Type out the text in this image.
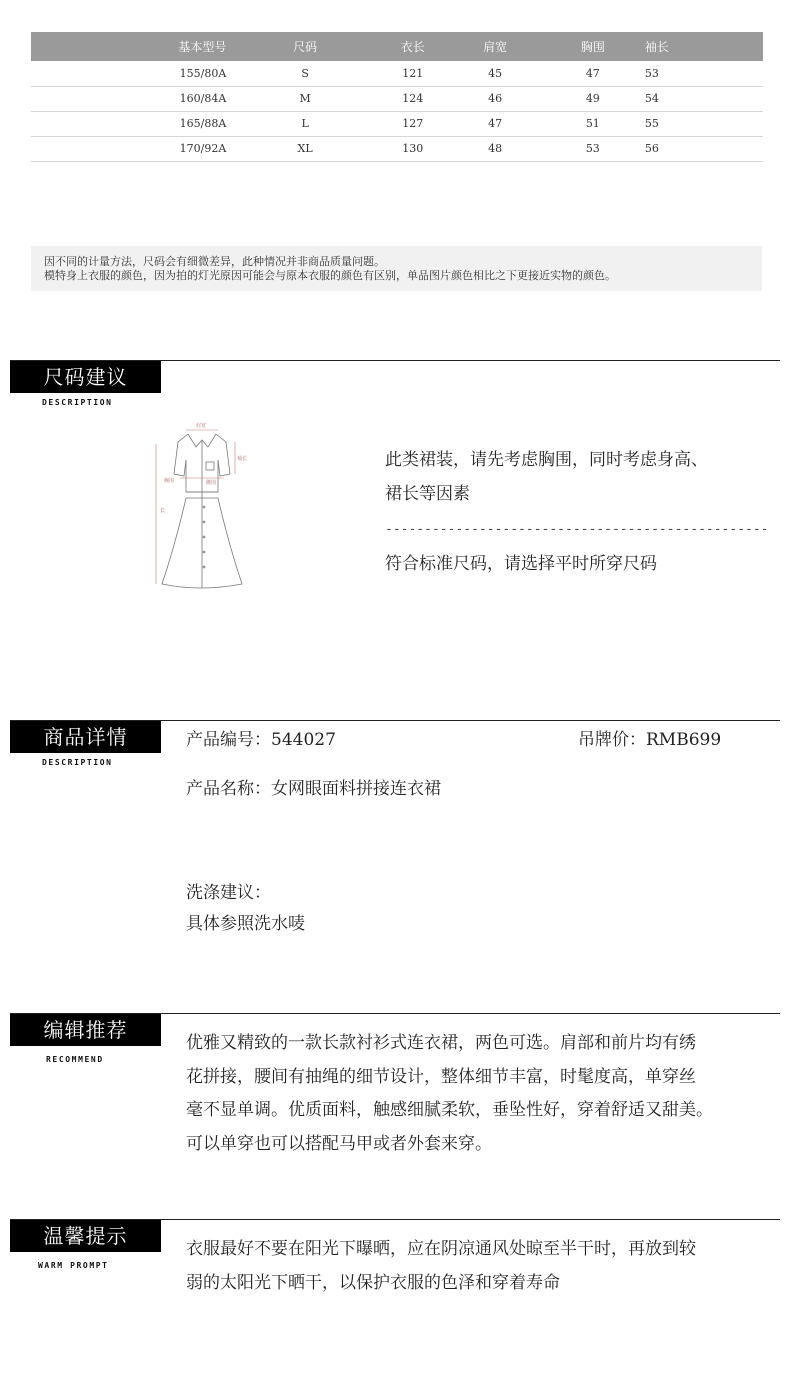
基本型号	尺码	衣长	肩宽	胸围	袖长
155/80A	S	121	45	47	53
160/84A	M	124	46	49	54
165/88A	L	127	47	51	55
170/92A	XL	130	48	53	56
因不同的计量方法，尺码会有细微差异，此种情况并非商品质量问题。
模特身上衣服的颜色，因为拍的灯光原因可能会与原本衣服的颜色有区别，单品图片颜色相比之下更接近实物的颜色。
尺码建议
DESCRIPTION
肩宽
袖长
胸围	腰围
长
此类裙装，请先考虑胸围，同时考虑身高、
裙长等因素
-------------------------------------------------
符合标准尺码，请选择平时所穿尺码
商品详情
DESCRIPTION
产品编号：544027	吊牌价：RMB699
产品名称：女网眼面料拼接连衣裙
洗涤建议：
具体参照洗水唛
编辑推荐
RECOMMEND
优雅又精致的一款长款衬衫式连衣裙，两色可选。肩部和前片均有绣
花拼接，腰间有抽绳的细节设计，整体细节丰富，时髦度高，单穿丝
毫不显单调。优质面料，触感细腻柔软，垂坠性好，穿着舒适又甜美。
可以单穿也可以搭配马甲或者外套来穿。
温馨提示
WARM PROMPT
衣服最好不要在阳光下曝晒，应在阴凉通风处晾至半干时，再放到较
弱的太阳光下晒干，以保护衣服的色泽和穿着寿命
